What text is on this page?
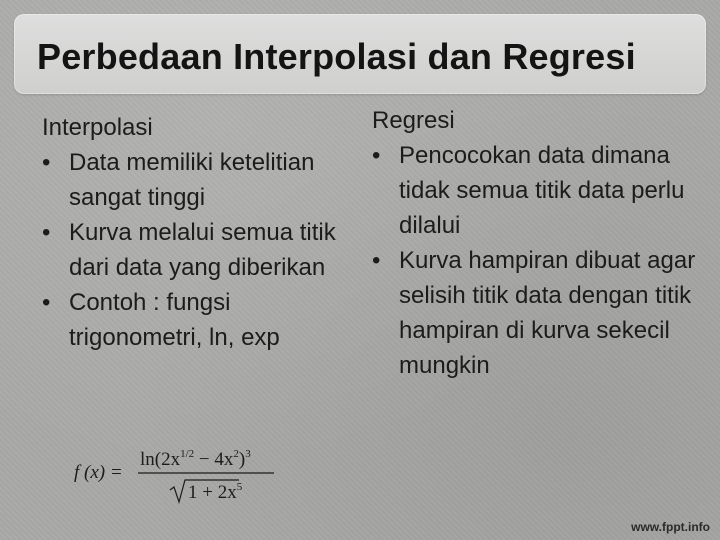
Perbedaan Interpolasi dan Regresi

Interpolasi

• Data memiliki ketelitian sangat tinggi
• Kurva melalui semua titik dari data yang diberikan
• Contoh : fungsi trigonometri, ln, exp

Regresi

• Pencocokan data dimana tidak semua titik data perlu dilalui
• Kurva hampiran dibuat agar selisih titik data dengan titik hampiran di kurva sekecil mungkin
f (x) =
$\ln(2x^{1/2} - 4x^2)^3$
$1 + 2x^5$
www.fppt.info
